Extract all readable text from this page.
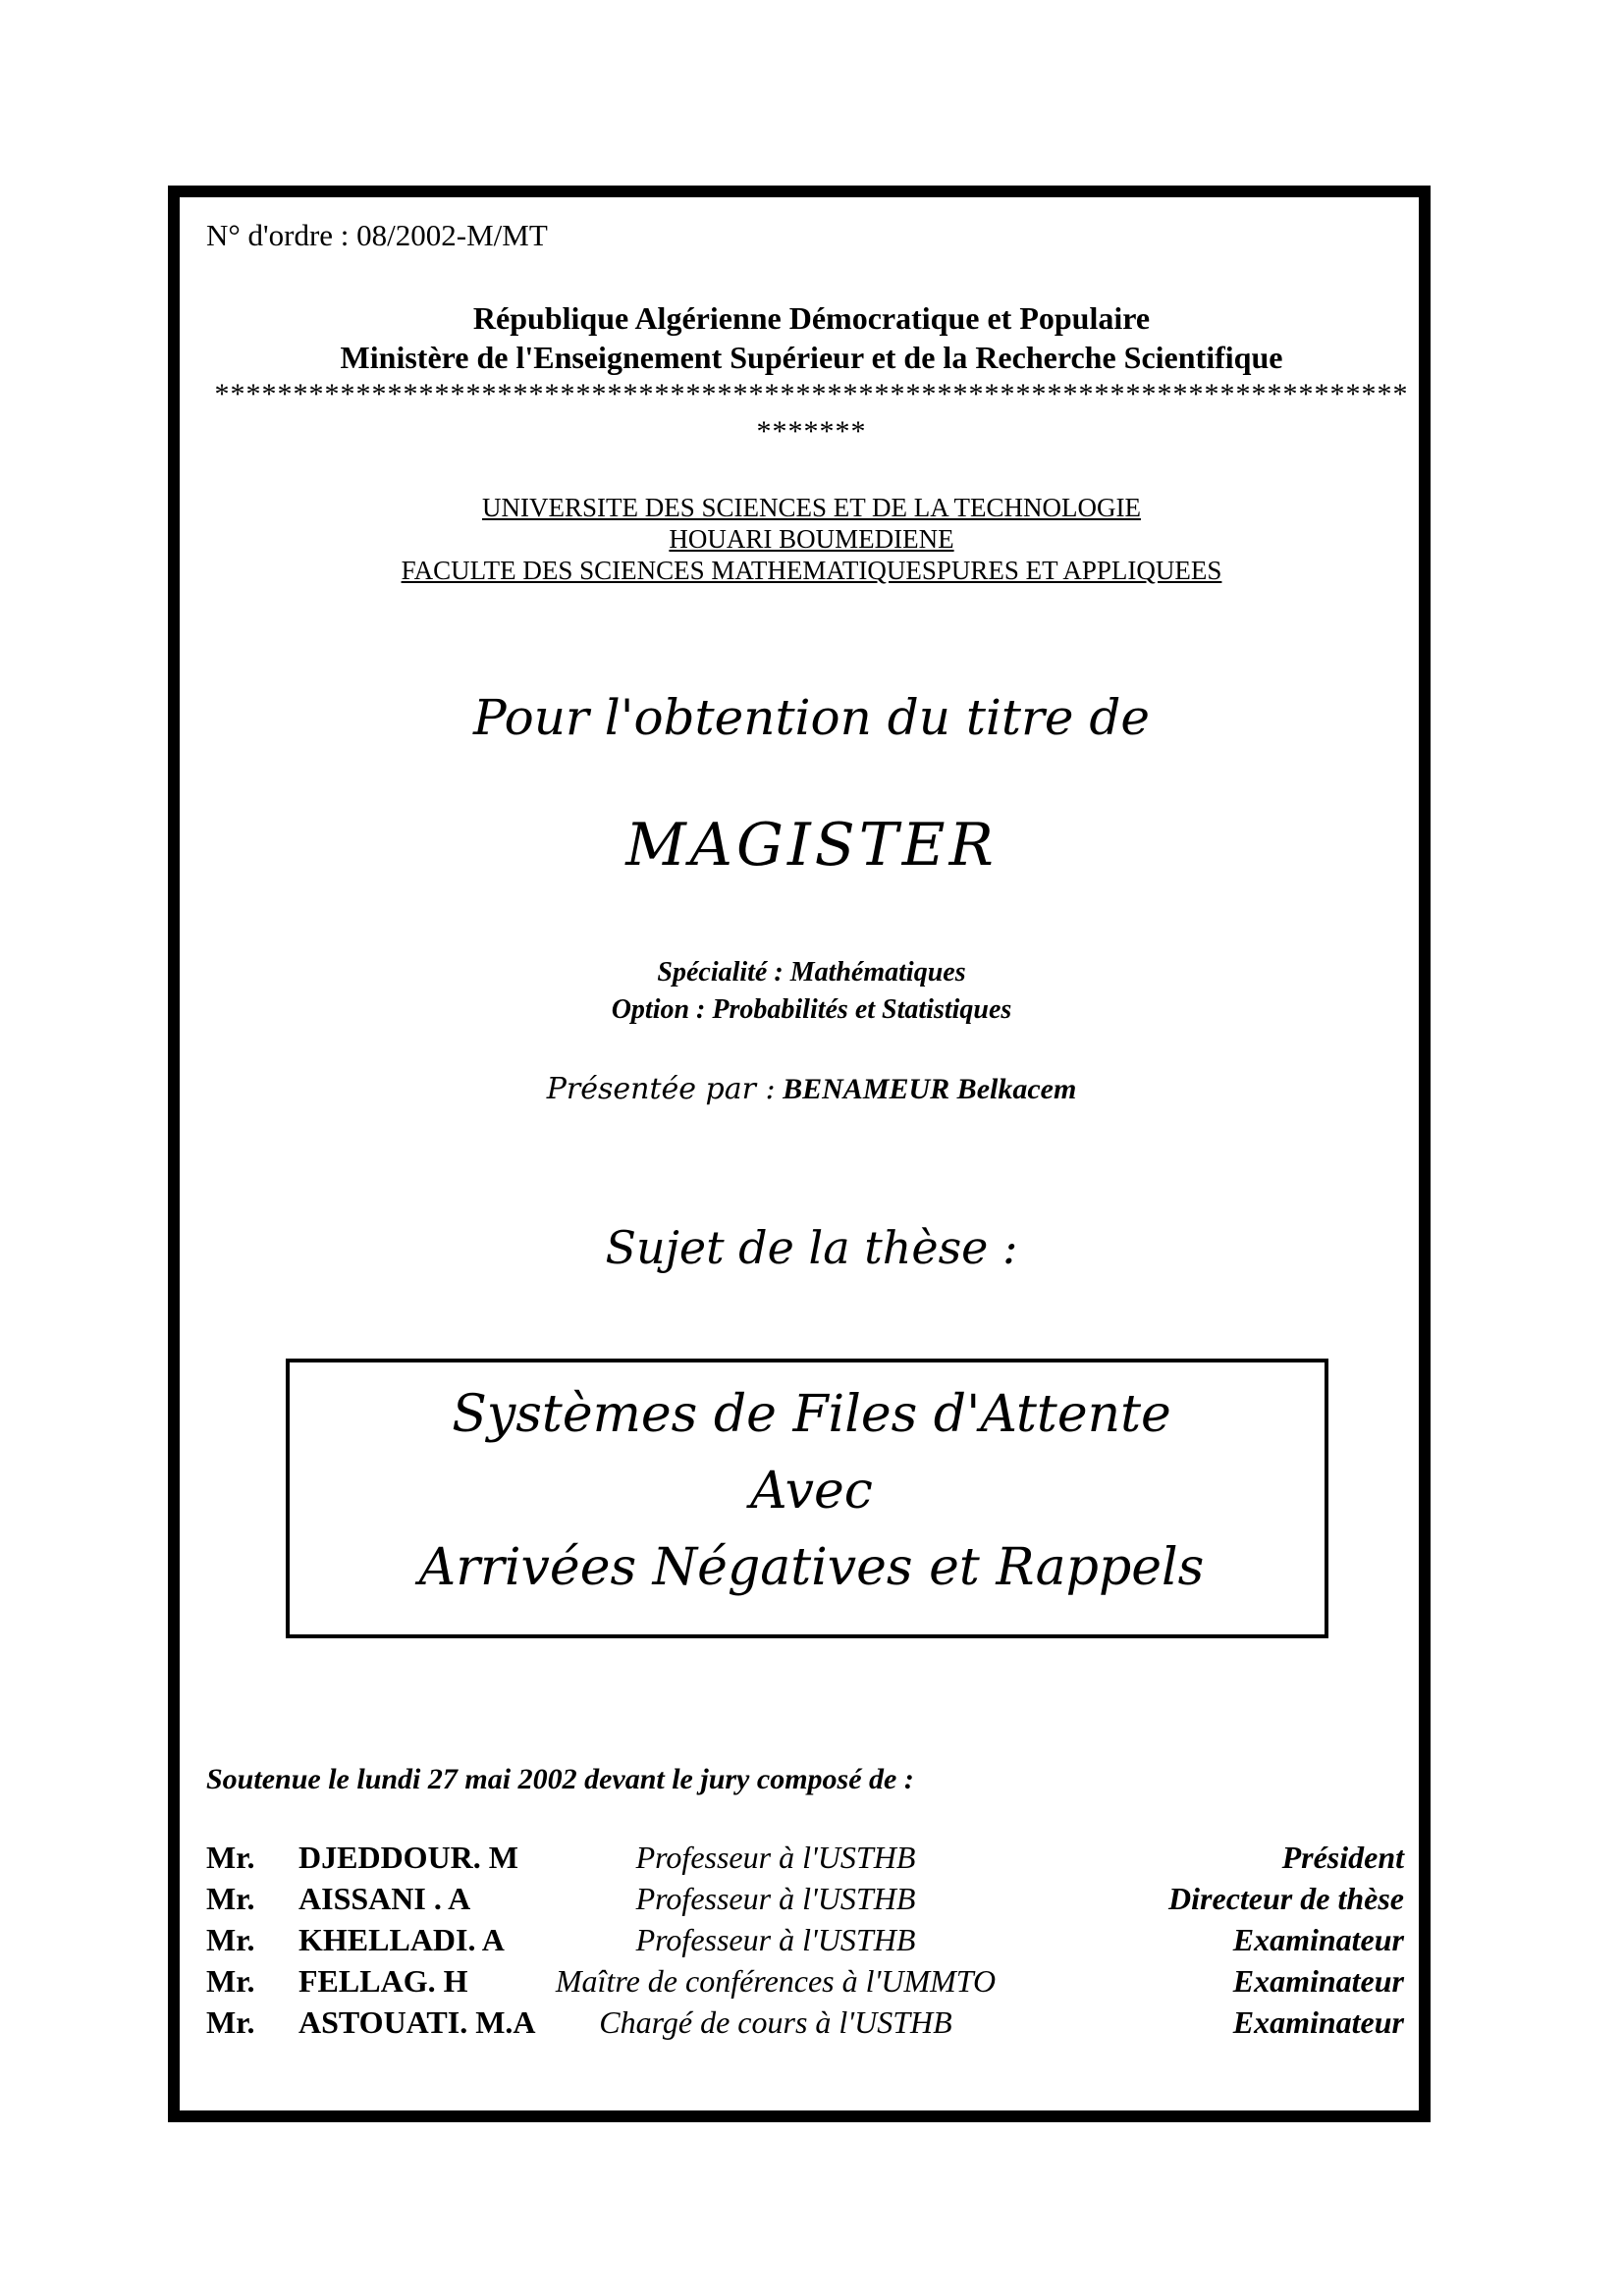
N° d'ordre : 08/2002-M/MT
République Algérienne Démocratique et Populaire
Ministère de l'Enseignement Supérieur et de la Recherche Scientifique
****************************************************************************
*******
UNIVERSITE DES SCIENCES ET DE LA TECHNOLOGIE
HOUARI BOUMEDIENE
FACULTE DES SCIENCES MATHEMATIQUESPURES ET APPLIQUEES
Pour l'obtention du titre de
MAGISTER
Spécialité : Mathématiques
Option : Probabilités et Statistiques
Présentée par : BENAMEUR Belkacem
Sujet de la thèse :
Systèmes de Files d'Attente
Avec
Arrivées Négatives et Rappels
Soutenue le lundi 27 mai 2002 devant le jury composé de :
Mr. DJEDDOUR. M	Professeur à l'USTHB	Président
Mr. AISSANI . A	Professeur à l'USTHB	Directeur de thèse
Mr. KHELLADI. A	Professeur à l'USTHB	Examinateur
Mr. FELLAG. H	Maître de conférences à l'UMMTO	Examinateur
Mr. ASTOUATI. M.A	Chargé de cours à l'USTHB	Examinateur
